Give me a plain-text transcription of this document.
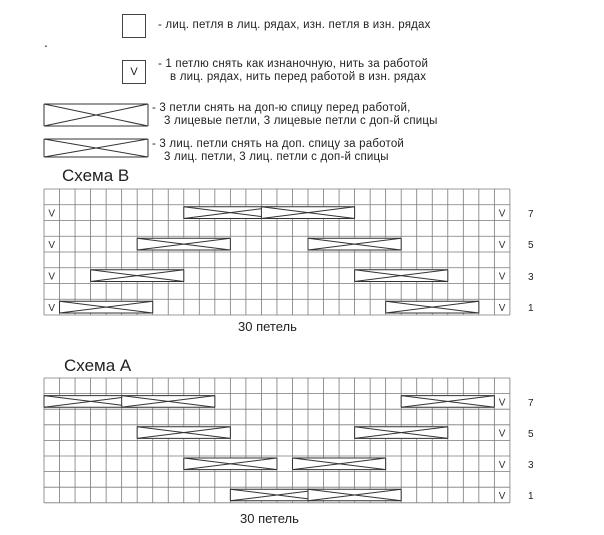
- лиц. петля в лиц. рядах, изн. петля в изн. рядах
.
V
- 1 петлю снять как изнаночную, нить за работой
в лиц. рядах, нить перед работой в изн. рядах
- 3 петли снять на доп-ю спицу перед работой,
3 лицевые петли, 3 лицевые петли с доп-й спицы
- 3 лиц. петли снять на доп. спицу за работой
3 лиц. петли, 3 лиц. петли с доп-й спицы
Схема B
30 петель
Схема А
30 петель
7
5
3
1
7
5
3
1
V
V
V
V
V
V
V
V
V
V
V
V
